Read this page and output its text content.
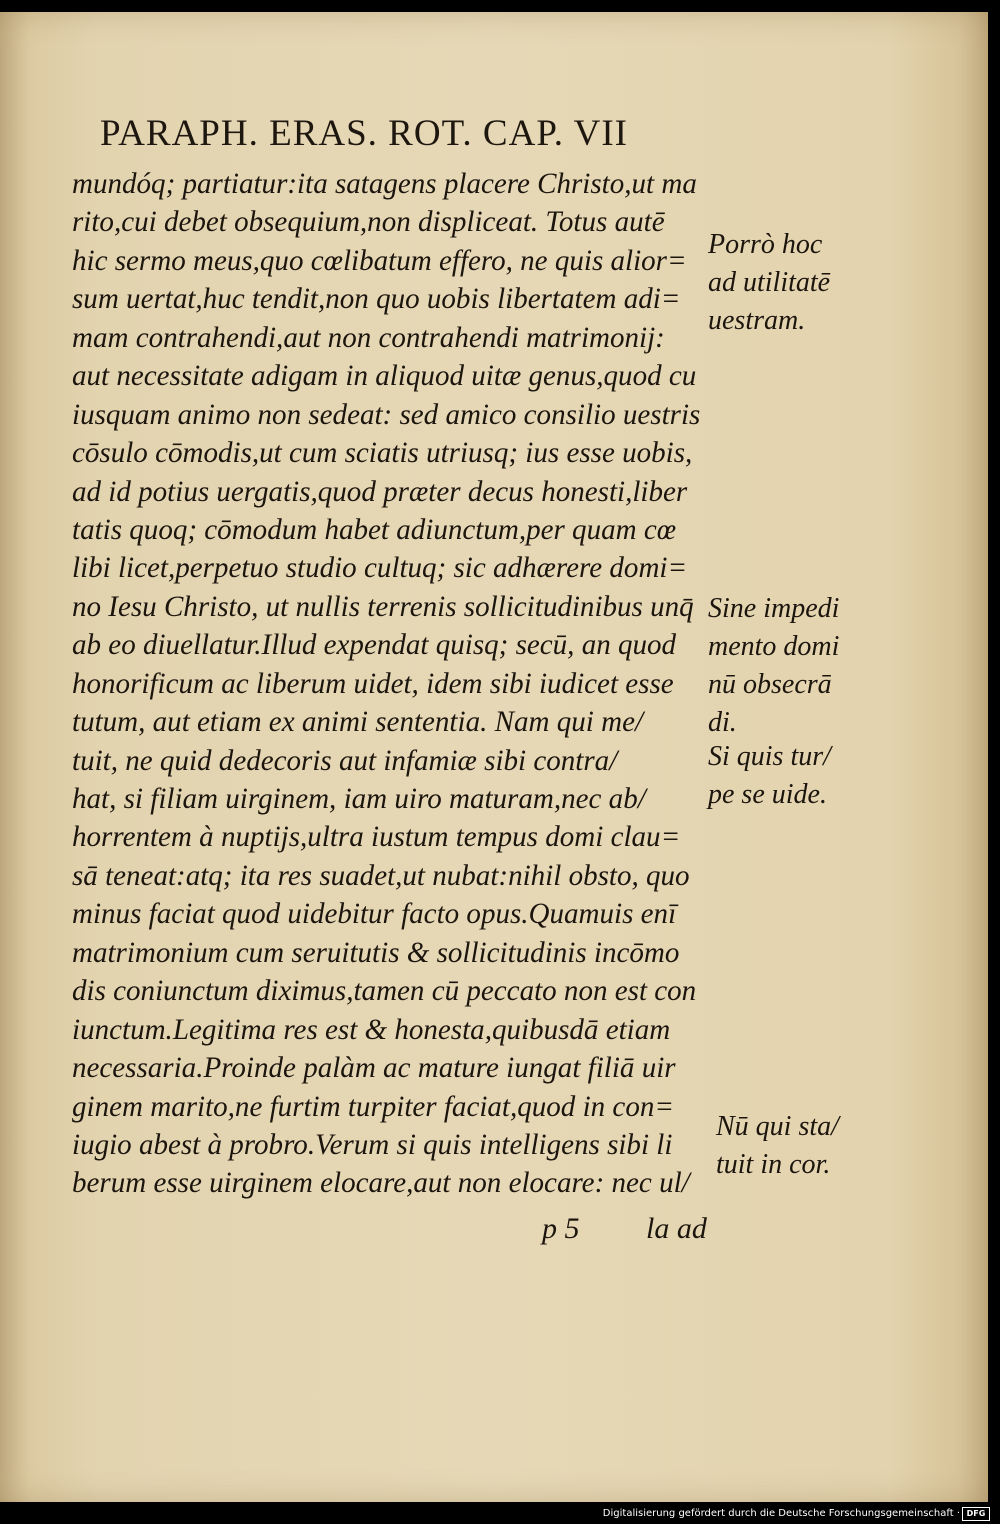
PARAPH. ERAS. ROT. CAP. VII
mundóq; partiatur:ita satagens placere Christo,ut ma
rito,cui debet obsequium,non displiceat. Totus autē
hic sermo meus,quo cœlibatum effero, ne quis alior=
sum uertat,huc tendit,non quo uobis libertatem adi=
mam contrahendi,aut non contrahendi matrimonij:
aut necessitate adigam in aliquod uitæ genus,quod cu
iusquam animo non sedeat: sed amico consilio uestris
cōsulo cōmodis,ut cum sciatis utriusq; ius esse uobis,
ad id potius uergatis,quod præter decus honesti,liber
tatis quoq; cōmodum habet adiunctum,per quam cœ
libi licet,perpetuo studio cultuq; sic adhærere domi=
no Iesu Christo, ut nullis terrenis sollicitudinibus unq̄
ab eo diuellatur.Illud expendat quisq; secū, an quod
honorificum ac liberum uidet, idem sibi iudicet esse
tutum, aut etiam ex animi sententia. Nam qui me/
tuit, ne quid dedecoris aut infamiæ sibi contra/
hat, si filiam uirginem, iam uiro maturam,nec ab/
horrentem à nuptijs,ultra iustum tempus domi clau=
sā teneat:atq; ita res suadet,ut nubat:nihil obsto, quo
minus faciat quod uidebitur facto opus.Quamuis enī
matrimonium cum seruitutis & sollicitudinis incōmo
dis coniunctum diximus,tamen cū peccato non est con
iunctum.Legitima res est & honesta,quibusdā etiam
necessaria.Proinde palàm ac mature iungat filiā uir
ginem marito,ne furtim turpiter faciat,quod in con=
iugio abest à probro.Verum si quis intelligens sibi li
berum esse uirginem elocare,aut non elocare: nec ul/
Porrò hoc
ad utilitatē
uestram.
Sine impedi
mento domi
nū obsecrā
di.
Si quis tur/
pe se uide.
Nū qui sta/
tuit in cor.
p 5 la ad
Digitalisierung gefördert durch die Deutsche Forschungsgemeinschaft · DFG
